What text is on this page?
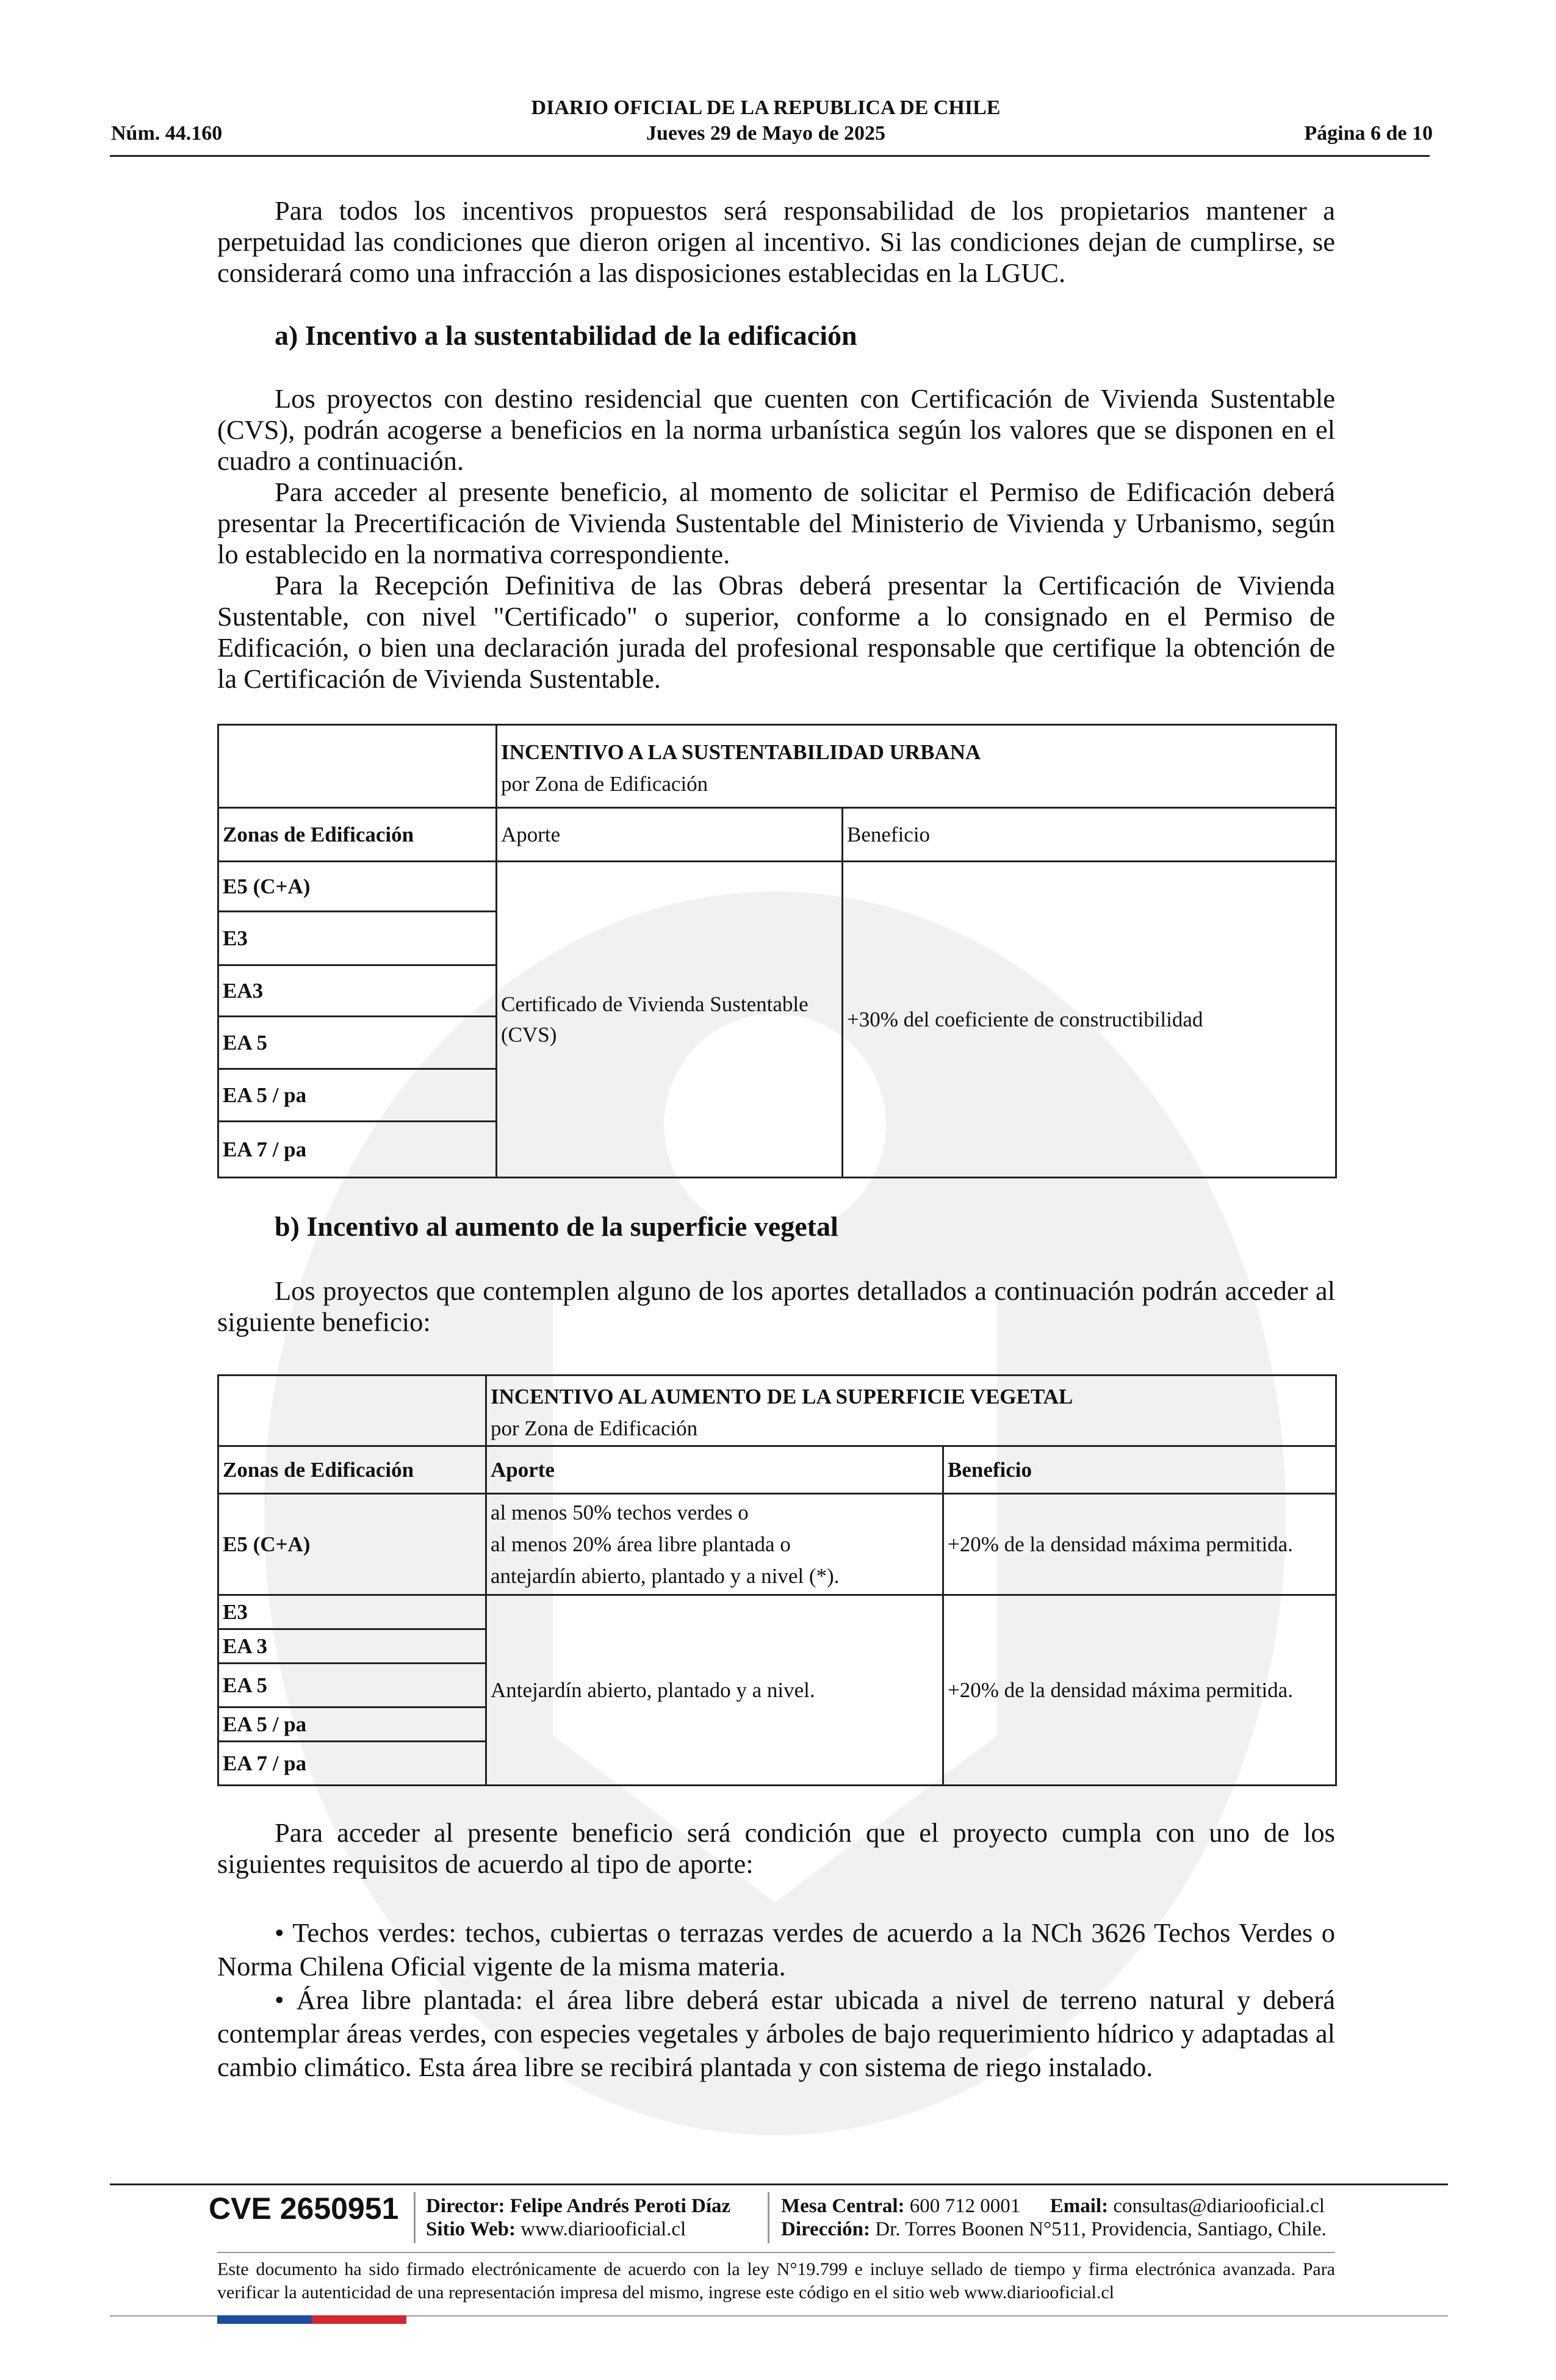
Núm. 44.160
DIARIO OFICIAL DE LA REPUBLICA DE CHILE
Jueves 29 de Mayo de 2025	Página 6 de 10

Para todos los incentivos propuestos será responsabilidad de los propietarios mantener a perpetuidad las condiciones que dieron origen al incentivo. Si las condiciones dejan de cumplirse, se considerará como una infracción a las disposiciones establecidas en la LGUC.

a) Incentivo a la sustentabilidad de la edificación

Los proyectos con destino residencial que cuenten con Certificación de Vivienda Sustentable (CVS), podrán acogerse a beneficios en la norma urbanística según los valores que se disponen en el cuadro a continuación.

Para acceder al presente beneficio, al momento de solicitar el Permiso de Edificación deberá presentar la Precertificación de Vivienda Sustentable del Ministerio de Vivienda y Urbanismo, según lo establecido en la normativa correspondiente.

Para la Recepción Definitiva de las Obras deberá presentar la Certificación de Vivienda Sustentable, con nivel "Certificado" o superior, conforme a lo consignado en el Permiso de Edificación, o bien una declaración jurada del profesional responsable que certifique la obtención de la Certificación de Vivienda Sustentable.

	INCENTIVO A LA SUSTENTABILIDAD URBANA
por Zona de Edificación	

Zonas de Edificación	Aporte	Beneficio
E5 (C+A)	Certificado de Vivienda Sustentable (CVS)	+30% del coeficiente de constructibilidad
E3		
EA3		
EA 5		
EA 5 / pa		
EA 7 / pa		
b) Incentivo al aumento de la superficie vegetal

Los proyectos que contemplen alguno de los aportes detallados a continuación podrán acceder al siguiente beneficio:

	INCENTIVO AL AUMENTO DE LA SUPERFICIE VEGETAL
por Zona de Edificación	

Zonas de Edificación	Aporte	Beneficio
E5 (C+A)	al menos 50% techos verdes o
al menos 20% área libre plantada o
antejardín abierto, plantado y a nivel (*).	+20% de la densidad máxima permitida.
E3	Antejardín abierto, plantado y a nivel.	+20% de la densidad máxima permitida.
EA 3		
EA 5		
EA 5 / pa		
EA 7 / pa		

Para acceder al presente beneficio será condición que el proyecto cumpla con uno de los siguientes requisitos de acuerdo al tipo de aporte:

• Techos verdes: techos, cubiertas o terrazas verdes de acuerdo a la NCh 3626 Techos Verdes o Norma Chilena Oficial vigente de la misma materia.

• Área libre plantada: el área libre deberá estar ubicada a nivel de terreno natural y deberá contemplar áreas verdes, con especies vegetales y árboles de bajo requerimiento hídrico y adaptadas al cambio climático. Esta área libre se recibirá plantada y con sistema de riego instalado.

CVE 2650951 Director: Felipe Andrés Peroti Díaz
Sitio Web: www.diariooficial.cl
Mesa Central: 600 712 0001 Email: consultas@diariooficial.cl
Dirección: Dr. Torres Boonen N°511, Providencia, Santiago, Chile.
Este documento ha sido firmado electrónicamente de acuerdo con la ley N°19.799 e incluye sellado de tiempo y firma electrónica avanzada. Para verificar la autenticidad de una representación impresa del mismo, ingrese este código en el sitio web www.diariooficial.cl
